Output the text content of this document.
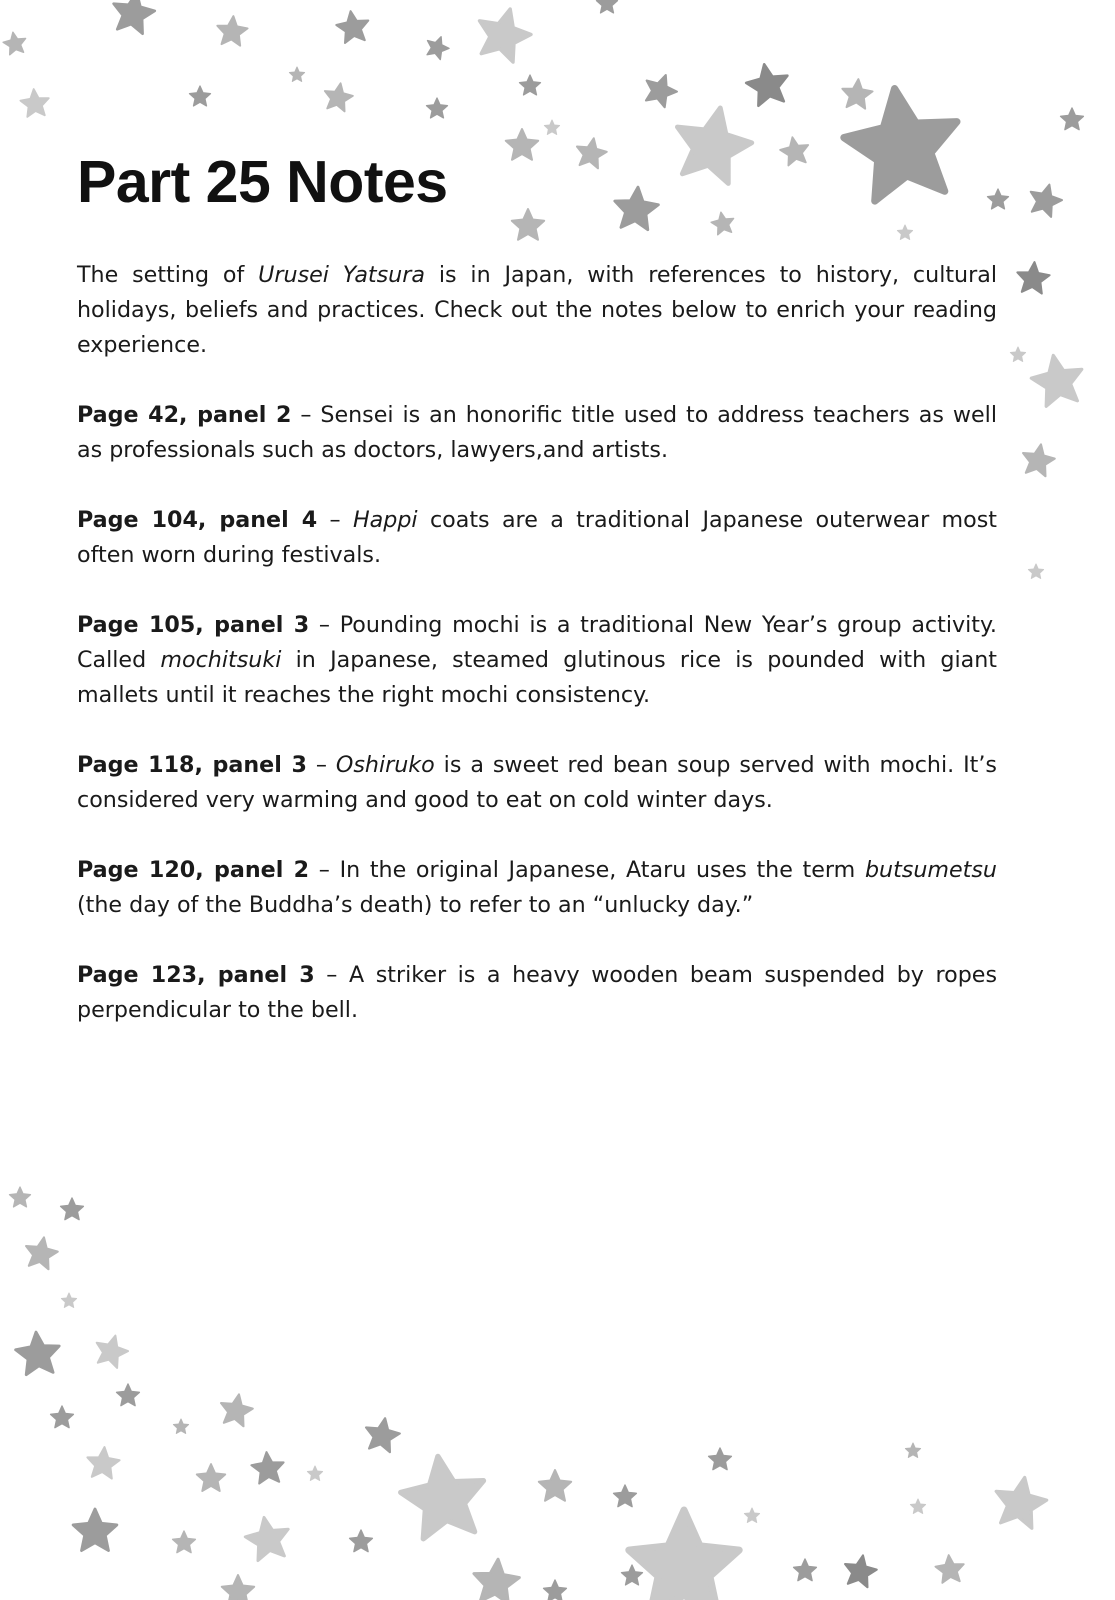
Part 25 Notes

The setting of Urusei Yatsura is in Japan, with references to history, cultural holidays, beliefs and practices. Check out the notes below to enrich your reading experience.

Page 42, panel 2 – Sensei is an honorific title used to address teachers as well as professionals such as doctors, lawyers,and artists.

Page 104, panel 4 – Happi coats are a traditional Japanese outerwear most often worn during festivals.

Page 105, panel 3 – Pounding mochi is a traditional New Year’s group activity. Called mochitsuki in Japanese, steamed glutinous rice is pounded with giant mallets until it reaches the right mochi consistency.

Page 118, panel 3 – Oshiruko is a sweet red bean soup served with mochi. It’s considered very warming and good to eat on cold winter days.

Page 120, panel 2 – In the original Japanese, Ataru uses the term butsumetsu (the day of the Buddha’s death) to refer to an “unlucky day.”

Page 123, panel 3 – A striker is a heavy wooden beam suspended by ropes perpendicular to the bell.
